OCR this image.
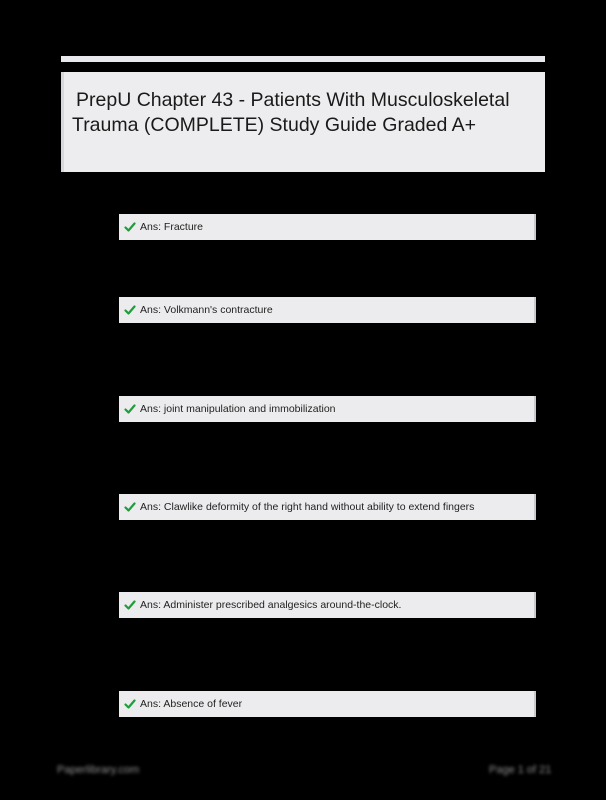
PrepU Chapter 43 - Patients With Musculoskeletal Trauma (COMPLETE) Study Guide Graded A+
Ans: Fracture
Ans: Volkmann's contracture
Ans: joint manipulation and immobilization
Ans: Clawlike deformity of the right hand without ability to extend fingers
Ans: Administer prescribed analgesics around-the-clock.
Ans: Absence of fever
Paperlibrary.com	Page 1 of 21
